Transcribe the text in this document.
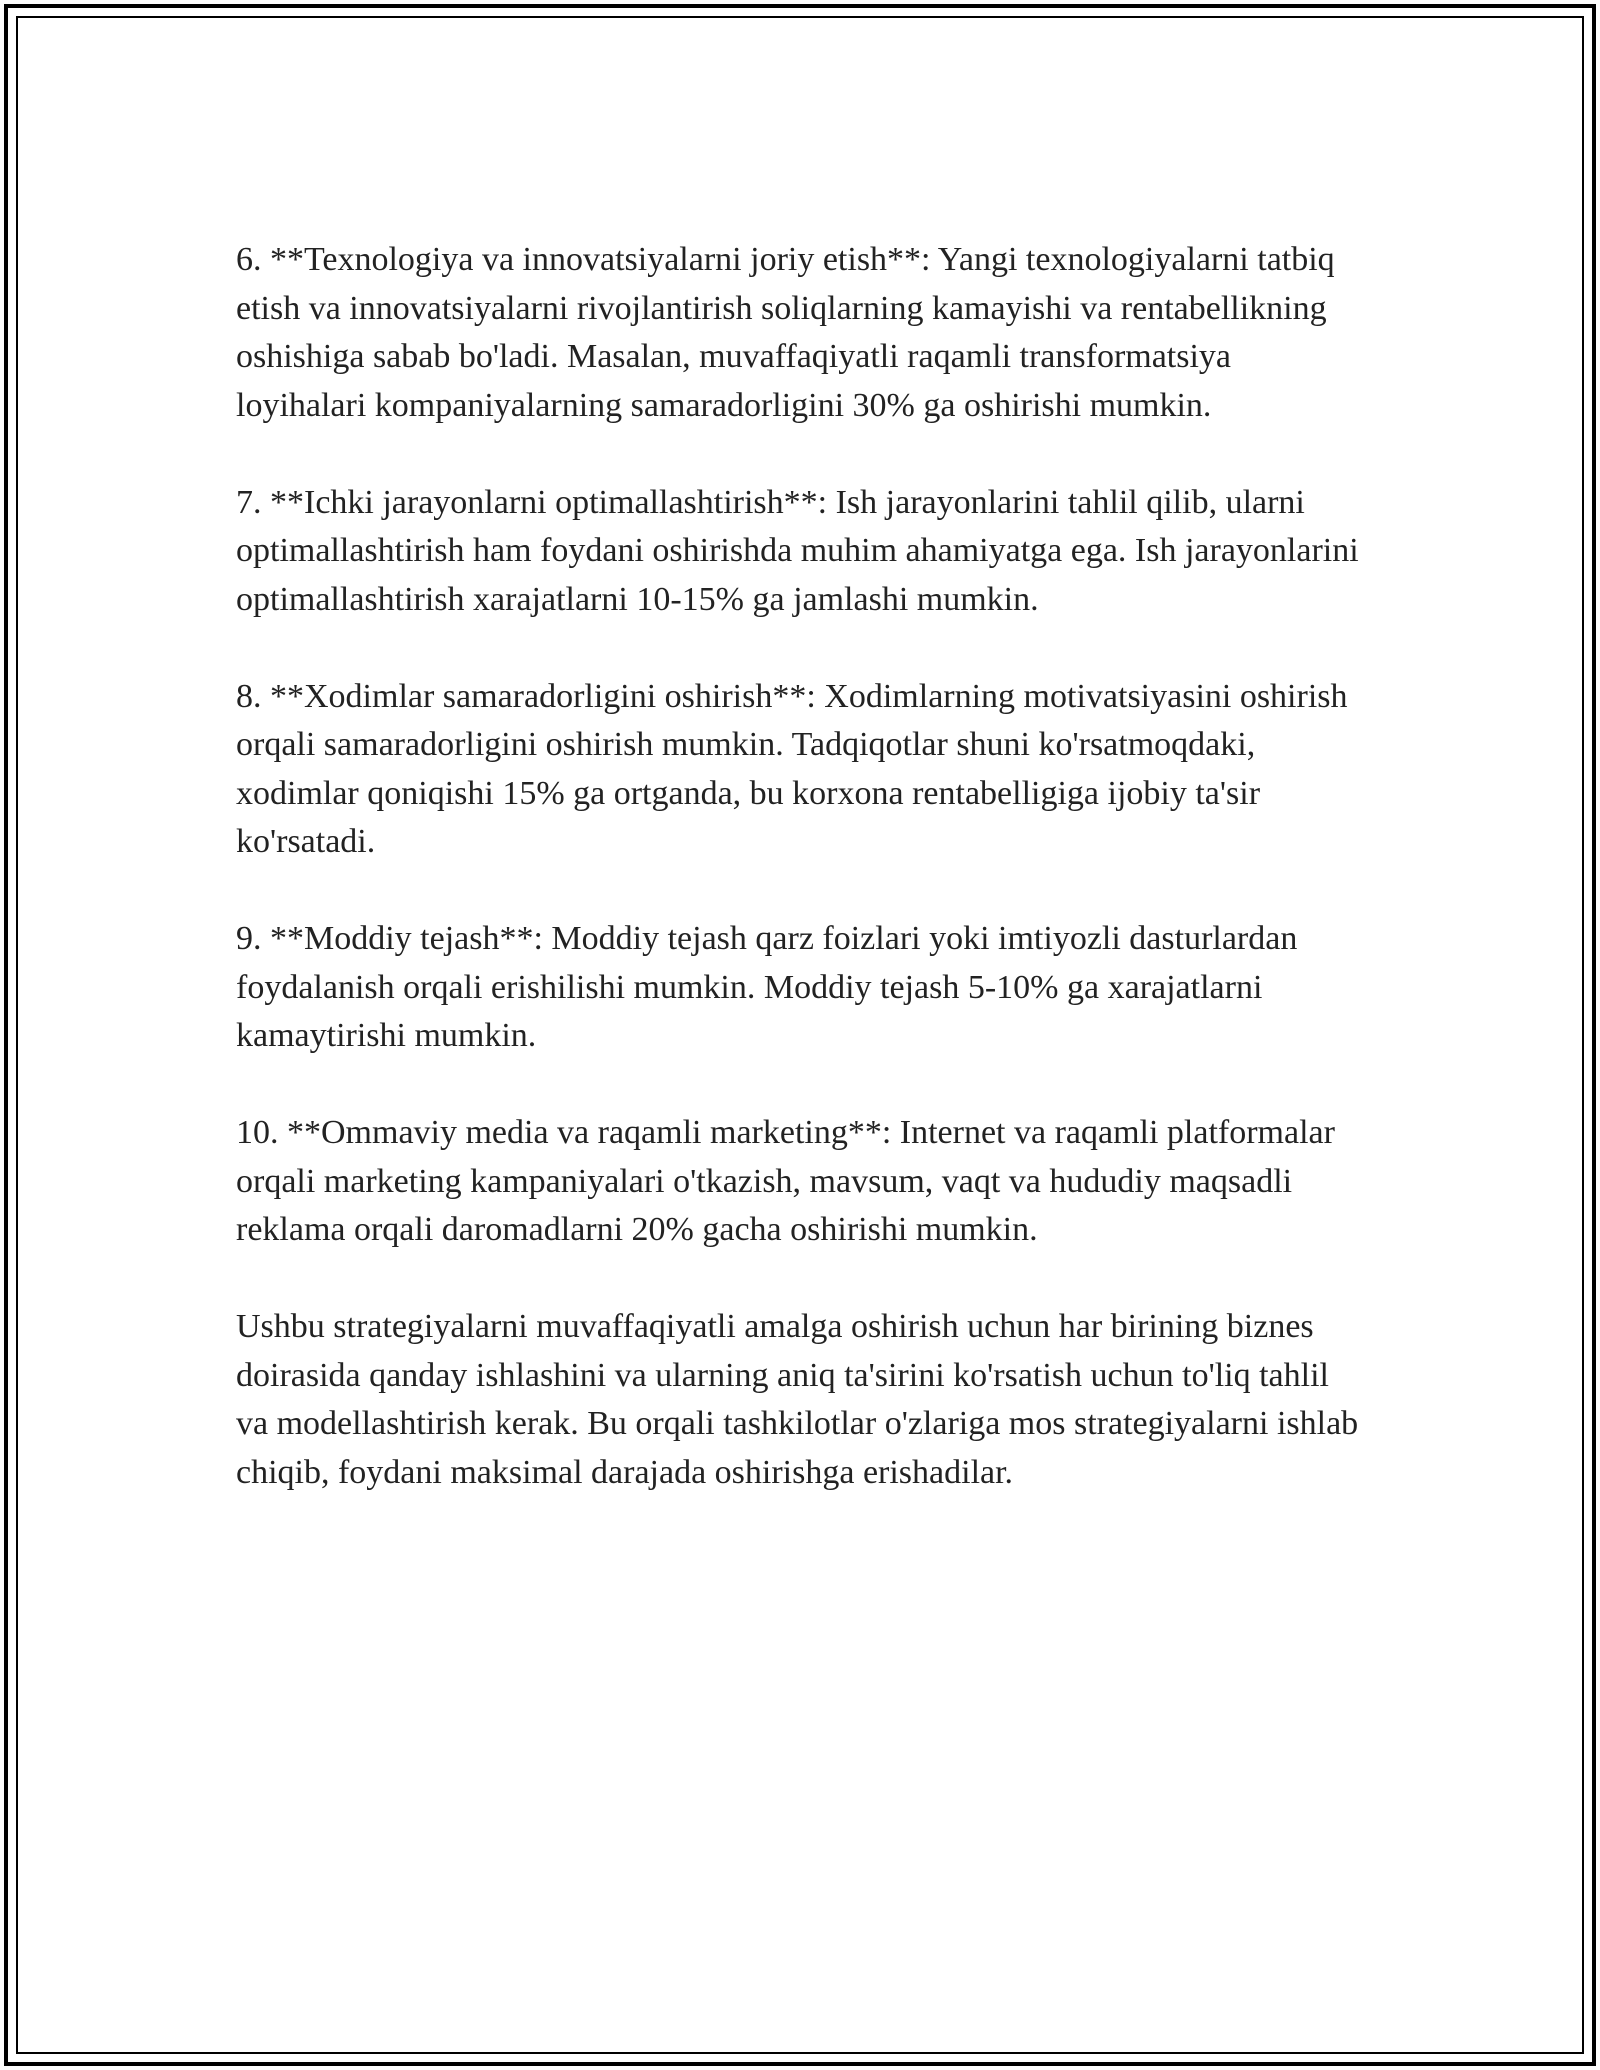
6. **Texnologiya va innovatsiyalarni joriy etish**: Yangi texnologiyalarni tatbiq etish va innovatsiyalarni rivojlantirish soliqlarning kamayishi va rentabellikning oshishiga sabab bo'ladi. Masalan, muvaffaqiyatli raqamli transformatsiya loyihalari kompaniyalarning samaradorligini 30% ga oshirishi mumkin.

7. **Ichki jarayonlarni optimallashtirish**: Ish jarayonlarini tahlil qilib, ularni optimallashtirish ham foydani oshirishda muhim ahamiyatga ega. Ish jarayonlarini optimallashtirish xarajatlarni 10-15% ga jamlashi mumkin.

8. **Xodimlar samaradorligini oshirish**: Xodimlarning motivatsiyasini oshirish orqali samaradorligini oshirish mumkin. Tadqiqotlar shuni ko'rsatmoqdaki, xodimlar qoniqishi 15% ga ortganda, bu korxona rentabelligiga ijobiy ta'sir ko'rsatadi.

9. **Moddiy tejash**: Moddiy tejash qarz foizlari yoki imtiyozli dasturlardan foydalanish orqali erishilishi mumkin. Moddiy tejash 5-10% ga xarajatlarni kamaytirishi mumkin.

10. **Ommaviy media va raqamli marketing**: Internet va raqamli platformalar orqali marketing kampaniyalari o'tkazish, mavsum, vaqt va hududiy maqsadli reklama orqali daromadlarni 20% gacha oshirishi mumkin.

Ushbu strategiyalarni muvaffaqiyatli amalga oshirish uchun har birining biznes doirasida qanday ishlashini va ularning aniq ta'sirini ko'rsatish uchun to'liq tahlil va modellashtirish kerak. Bu orqali tashkilotlar o'zlariga mos strategiyalarni ishlab chiqib, foydani maksimal darajada oshirishga erishadilar.
